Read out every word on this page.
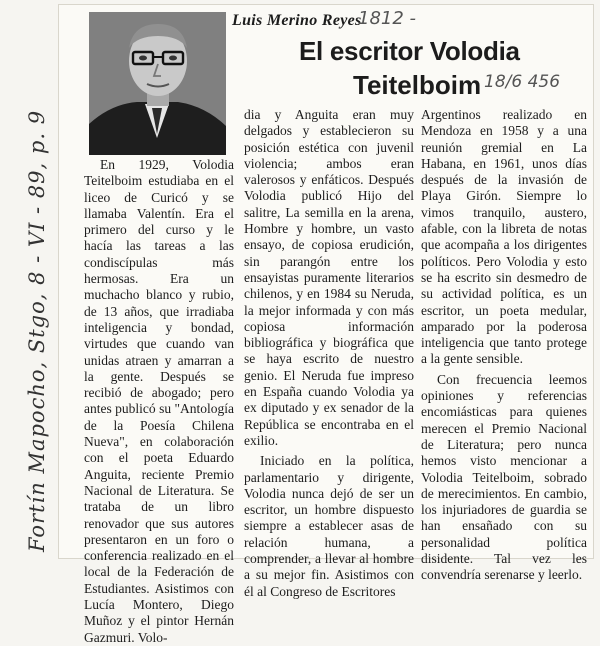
Fortín Mapocho, Stgo, 8 - VI - 89, p. 9
Luis Merino Reyes
1812 -
El escritor Volodia
Teitelboim 18/6 456

En 1929, Volodia Teitelboim estudiaba en el liceo de Curicó y se llamaba Valentín. Era el primero del curso y le hacía las tareas a las condiscípulas más hermosas. Era un muchacho blanco y rubio, de 13 años, que irradiaba inteligencia y bondad, virtudes que cuando van unidas atraen y amarran a la gente. Después se recibió de abogado; pero antes publicó su "Antología de la Poesía Chilena Nueva", en colaboración con el poeta Eduardo Anguita, reciente Premio Nacional de Literatura. Se trataba de un libro renovador que sus autores presentaron en un foro o conferencia realizado en el local de la Federación de Estudiantes. Asistimos con Lucía Montero, Diego Muñoz y el pintor Hernán Gazmuri. Volo-

dia y Anguita eran muy delgados y establecieron su posición estética con juvenil violencia; ambos eran valerosos y enfáticos. Después Volodia publicó Hijo del salitre, La semilla en la arena, Hombre y hombre, un vasto ensayo, de copiosa erudición, sin parangón entre los ensayistas puramente literarios chilenos, y en 1984 su Neruda, la mejor informada y con más copiosa información bibliográfica y biográfica que se haya escrito de nuestro genio. El Neruda fue impreso en España cuando Volodia ya ex diputado y ex senador de la República se encontraba en el exilio.

Iniciado en la política, parlamentario y dirigente, Volodia nunca dejó de ser un escritor, un hombre dispuesto siempre a establecer asas de relación humana, a comprender, a llevar al hombre a su mejor fin. Asistimos con él al Congreso de Escritores

Argentinos realizado en Mendoza en 1958 y a una reunión gremial en La Habana, en 1961, unos días después de la invasión de Playa Girón. Siempre lo vimos tranquilo, austero, afable, con la libreta de notas que acompaña a los dirigentes políticos. Pero Volodia y esto se ha escrito sin desmedro de su actividad política, es un escritor, un poeta medular, amparado por la poderosa inteligencia que tanto protege a la gente sensible.

Con frecuencia leemos opiniones y referencias encomiásticas para quienes merecen el Premio Nacional de Literatura; pero nunca hemos visto mencionar a Volodia Teitelboim, sobrado de merecimientos. En cambio, los injuriadores de guardia se han ensañado con su personalidad política disidente. Tal vez les convendría serenarse y leerlo.
